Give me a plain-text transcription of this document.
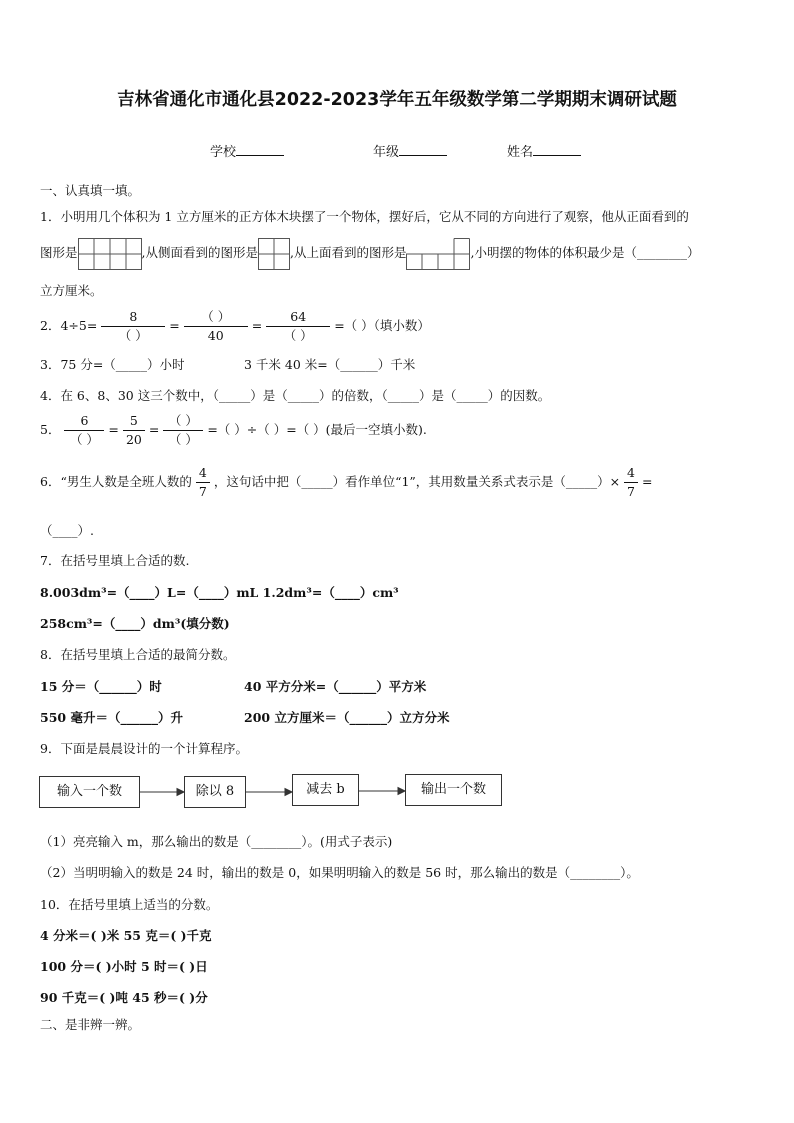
吉林省通化市通化县2022-2023学年五年级数学第二学期期末调研试题
学校	年级	姓名
一、认真填一填。
1．小明用几个体积为 1 立方厘米的正方体木块摆了一个物体，摆好后，它从不同的方向进行了观察，他从正面看到的
图形是	,从侧面看到的图形是	,从上面看到的图形是	,小明摆的物体的体积最少是（________）
立方厘米。
2．$4\div 5= \frac{8}{( )} = \frac{( )}{40} = \frac{64}{( )}$ =（ ）（填小数）
3．75 分=（_____）小时	3 千米 40 米=（______）千米
4．在 6、8、30 这三个数中，（_____）是（_____）的倍数，（_____）是（_____）的因数。
5． $\frac{6}{( )} = \frac{5}{20} = \frac{( )}{( )}$ =（ ）÷（ ）=（ ）(最后一空填小数).
6．“男生人数是全班人数的 $\frac{4}{7}$ ，这句话中把（_____）看作单位“1”，其用数量关系式表示是（_____）× $\frac{4}{7}$ =
（____）.
7．在括号里填上合适的数.
8.003dm³=（____）L=（____）mL 1.2dm³=（____）cm³
258cm³=（____）dm³(填分数)
8．在括号里填上合适的最简分数。
15 分＝（______）时	40 平方分米=（______）平方米
550 毫升＝（______）升	200 立方厘米＝（______）立方分米
9．下面是晨晨设计的一个计算程序。
输入一个数	除以 8	减去 b	输出一个数
（1）亮亮输入 m，那么输出的数是（________）。(用式子表示)
（2）当明明输入的数是 24 时，输出的数是 0，如果明明输入的数是 56 时，那么输出的数是（________）。
10．在括号里填上适当的分数。
4 分米＝( )米 55 克＝( )千克
100 分＝( )小时 5 时＝( )日
90 千克＝( )吨 45 秒＝( )分
二、是非辨一辨。
